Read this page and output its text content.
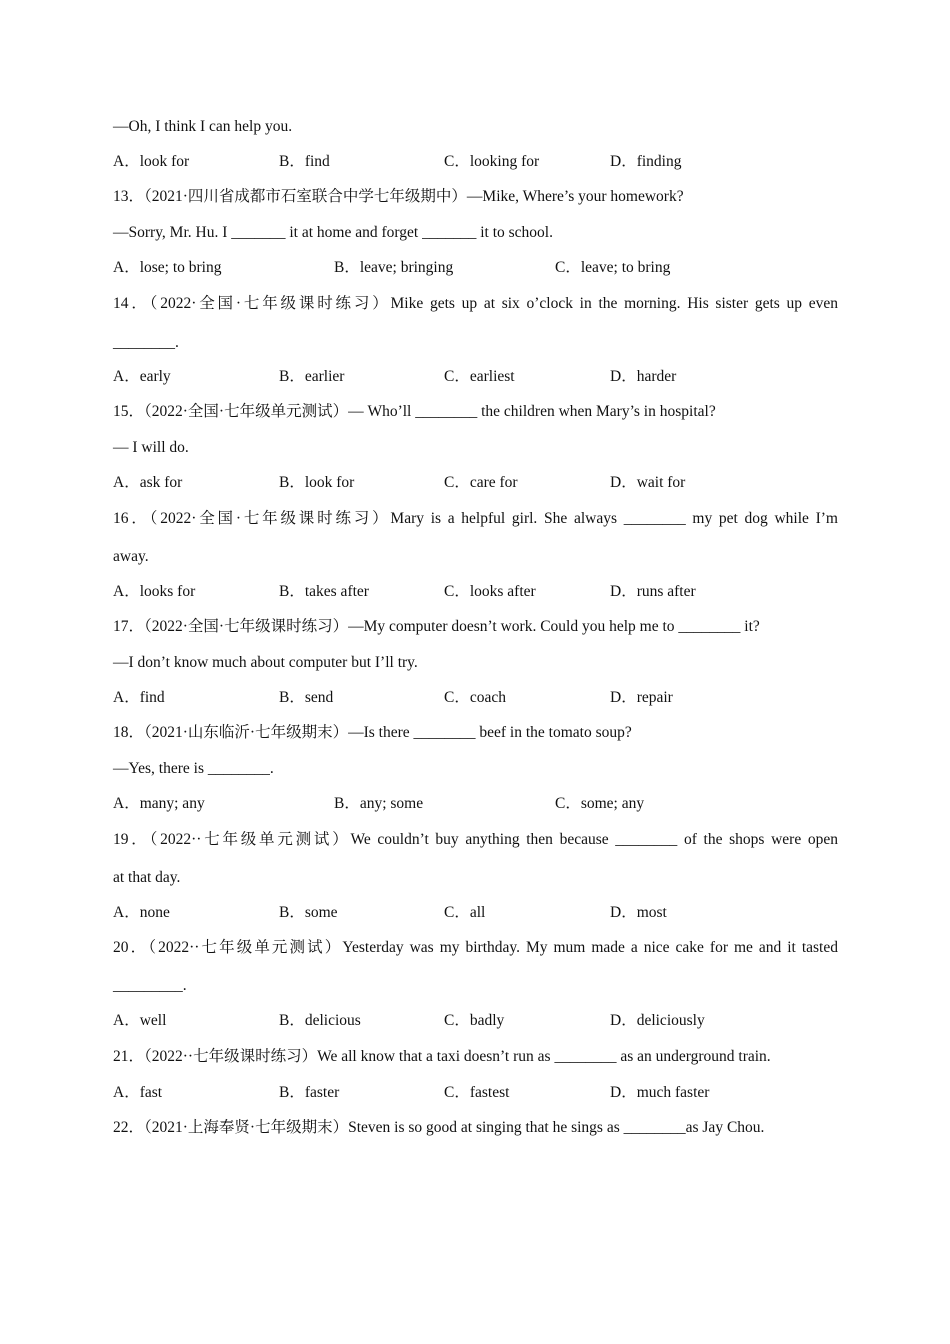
—Oh, I think I can help you.
A．look for	B．find	C．looking for	D．finding
13．（2021·四川省成都市石室联合中学七年级期中）—Mike, Where’s your homework?
—Sorry, Mr. Hu. I _______ it at home and forget _______ it to school.
A．lose; to bring	B．leave; bringing	C．leave; to bring
14．（2022·全国·七年级课时练习）Mike gets up at six o’clock in the morning. His sister gets up even
________.
A．early	B．earlier	C．earliest	D．harder
15．（2022·全国·七年级单元测试）— Who’ll ________ the children when Mary’s in hospital?
— I will do.
A．ask for	B．look for	C．care for	D．wait for
16．（2022·全国·七年级课时练习）Mary is a helpful girl. She always ________ my pet dog while I’m
away.
A．looks for	B．takes after	C．looks after	D．runs after
17．（2022·全国·七年级课时练习）—My computer doesn’t work. Could you help me to ________ it?
—I don’t know much about computer but I’ll try.
A．find	B．send	C．coach	D．repair
18．（2021·山东临沂·七年级期末）—Is there ________ beef in the tomato soup?
—Yes, there is ________.
A．many; any	B．any; some	C．some; any
19．（2022··七年级单元测试）We couldn’t buy anything then because ________ of the shops were open
at that day.
A．none	B．some	C．all	D．most
20．（2022··七年级单元测试）Yesterday was my birthday. My mum made a nice cake for me and it tasted
_________.
A．well	B．delicious	C．badly	D．deliciously
21．（2022··七年级课时练习）We all know that a taxi doesn’t run as ________ as an underground train.
A．fast	B．faster	C．fastest	D．much faster
22．（2021·上海奉贤·七年级期末）Steven is so good at singing that he sings as ________as Jay Chou.
